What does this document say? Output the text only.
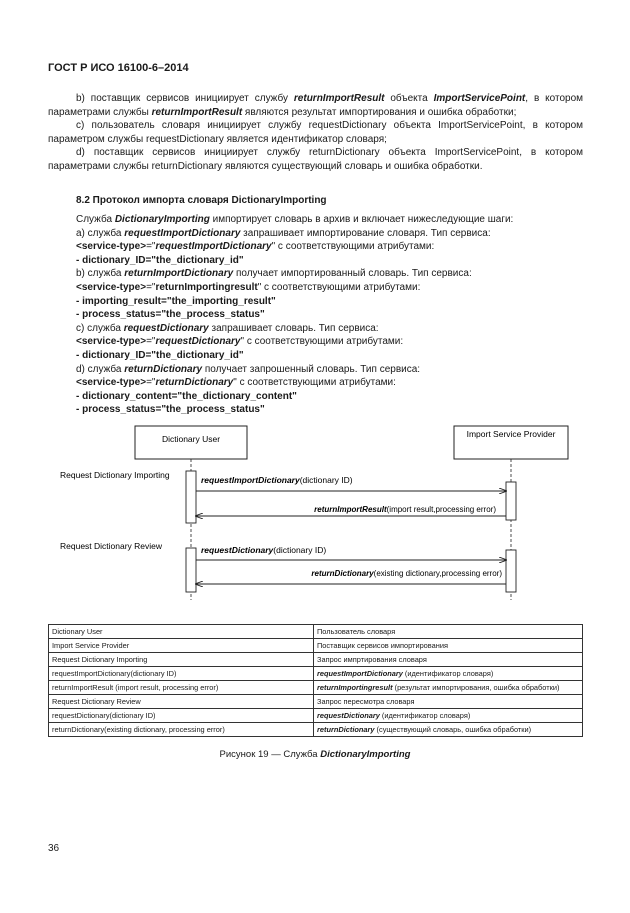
ГОСТ Р ИСО 16100-6–2014

b) поставщик сервисов инициирует службу returnImportResult объекта ImportServicePoint, в котором параметрами службы returnImportResult являются результат импортирования и ошибка обработки;

с) пользователь словаря инициирует службу requestDictionary объекта ImportServicePoint, в котором параметром службы requestDictionary является идентификатор словаря;

d) поставщик сервисов инициирует службу returnDictionary объекта ImportServicePoint, в котором параметрами службы returnDictionary являются существующий словарь и ошибка обработки.

8.2 Протокол импорта словаря DictionaryImporting
Служба DictionaryImporting импортирует словарь в архив и включает нижеследующие шаги:
а) служба requestImportDictionary запрашивает импортирование словаря. Тип сервиса:
<service-type>="requestImportDictionary" с соответствующими атрибутами:
- dictionary_ID="the_dictionary_id"
b) служба returnImportDictionary получает импортированный словарь. Тип сервиса:
<service-type>="returnImportingresult" с соответствующими атрибутами:
- importing_result="the_importing_result"
- process_status="the_process_status"
с) служба requestDictionary запрашивает словарь. Тип сервиса:
<service-type>="requestDictionary" с соответствующими атрибутами:
- dictionary_ID="the_dictionary_id"
d) служба returnDictionary получает запрошенный словарь. Тип сервиса:
<service-type>="returnDictionary" с соответствующими атрибутами:
- dictionary_content="the_dictionary_content"
- process_status="the_process_status"
Dictionary User	Import Service Provider
Request Dictionary Importing
Request Dictionary Review
requestImportDictionary(dictionary ID)
returnImportResult(import result,processing error)
requestDictionary(dictionary ID)
returnDictionary(existing dictionary,processing error)
Dictionary User	Пользователь словаря
Import Service Provider	Поставщик сервисов импортирования
Request Dictionary Importing	Запрос импртирования словаря
requestImportDictionary(dictionary ID)	requestImportDictionary (идентификатор словаря)
returnImportResult (import result, processing error)	returnImportingresult (результат импортирования, ошибка обработки)
Request Dictionary Review	Запрос пересмотра словаря
requestDictionary(dictionary ID)	requestDictionary (идентификатор словаря)
returnDictionary(existing dictionary, processing error)	returnDictionary (существующий словарь, ошибка обработки)
Рисунок 19 — Служба DictionaryImporting
36
